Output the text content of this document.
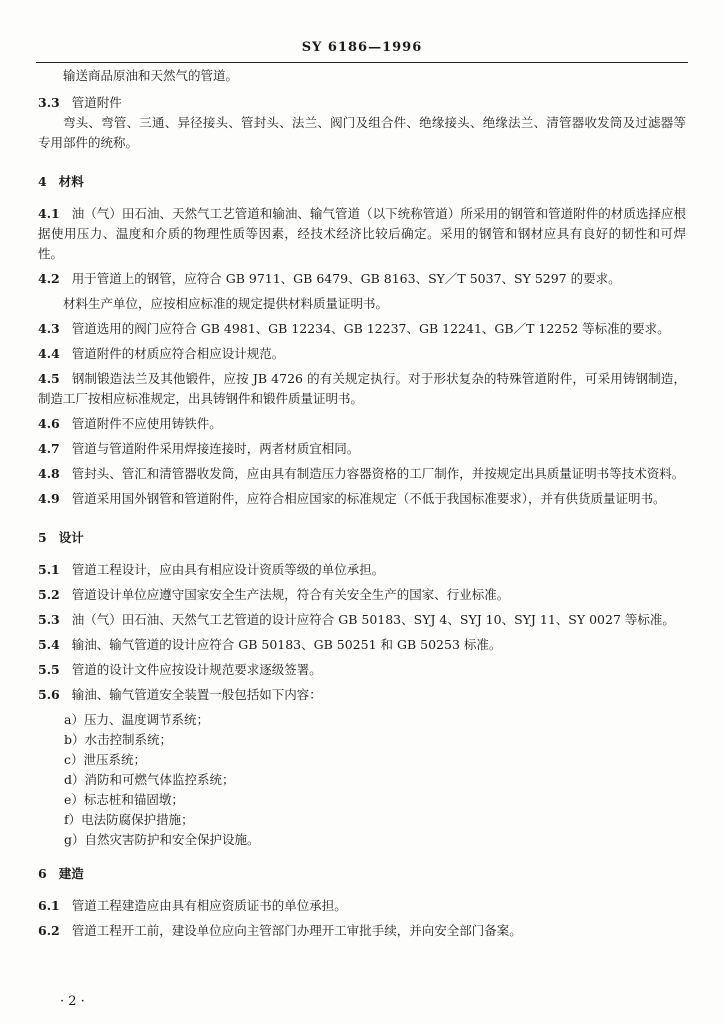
SY 6186—1996

输送商品原油和天然气的管道。

3.3 管道附件

弯头、弯管、三通、异径接头、管封头、法兰、阀门及组合件、绝缘接头、绝缘法兰、清管器收发筒及过滤器等专用部件的统称。

4 材料

4.1 油（气）田石油、天然气工艺管道和输油、输气管道（以下统称管道）所采用的钢管和管道附件的材质选择应根据使用压力、温度和介质的物理性质等因素，经技术经济比较后确定。采用的钢管和钢材应具有良好的韧性和可焊性。

4.2 用于管道上的钢管，应符合 GB 9711、GB 6479、GB 8163、SY／T 5037、SY 5297 的要求。

材料生产单位，应按相应标准的规定提供材料质量证明书。

4.3 管道选用的阀门应符合 GB 4981、GB 12234、GB 12237、GB 12241、GB／T 12252 等标准的要求。

4.4 管道附件的材质应符合相应设计规范。

4.5 钢制锻造法兰及其他锻件，应按 JB 4726 的有关规定执行。对于形状复杂的特殊管道附件，可采用铸钢制造，制造工厂按相应标准规定，出具铸钢件和锻件质量证明书。

4.6 管道附件不应使用铸铁件。

4.7 管道与管道附件采用焊接连接时，两者材质宜相同。

4.8 管封头、管汇和清管器收发筒，应由具有制造压力容器资格的工厂制作，并按规定出具质量证明书等技术资料。

4.9 管道采用国外钢管和管道附件，应符合相应国家的标准规定（不低于我国标准要求），并有供货质量证明书。

5 设计

5.1 管道工程设计，应由具有相应设计资质等级的单位承担。

5.2 管道设计单位应遵守国家安全生产法规，符合有关安全生产的国家、行业标准。

5.3 油（气）田石油、天然气工艺管道的设计应符合 GB 50183、SYJ 4、SYJ 10、SYJ 11、SY 0027 等标准。

5.4 输油、输气管道的设计应符合 GB 50183、GB 50251 和 GB 50253 标准。

5.5 管道的设计文件应按设计规范要求逐级签署。

5.6 输油、输气管道安全装置一般包括如下内容：

a）压力、温度调节系统；

b）水击控制系统；

c）泄压系统；

d）消防和可燃气体监控系统；

e）标志桩和锚固墩；

f）电法防腐保护措施；

g）自然灾害防护和安全保护设施。

6 建造

6.1 管道工程建造应由具有相应资质证书的单位承担。

6.2 管道工程开工前，建设单位应向主管部门办理开工审批手续，并向安全部门备案。

· 2 ·
